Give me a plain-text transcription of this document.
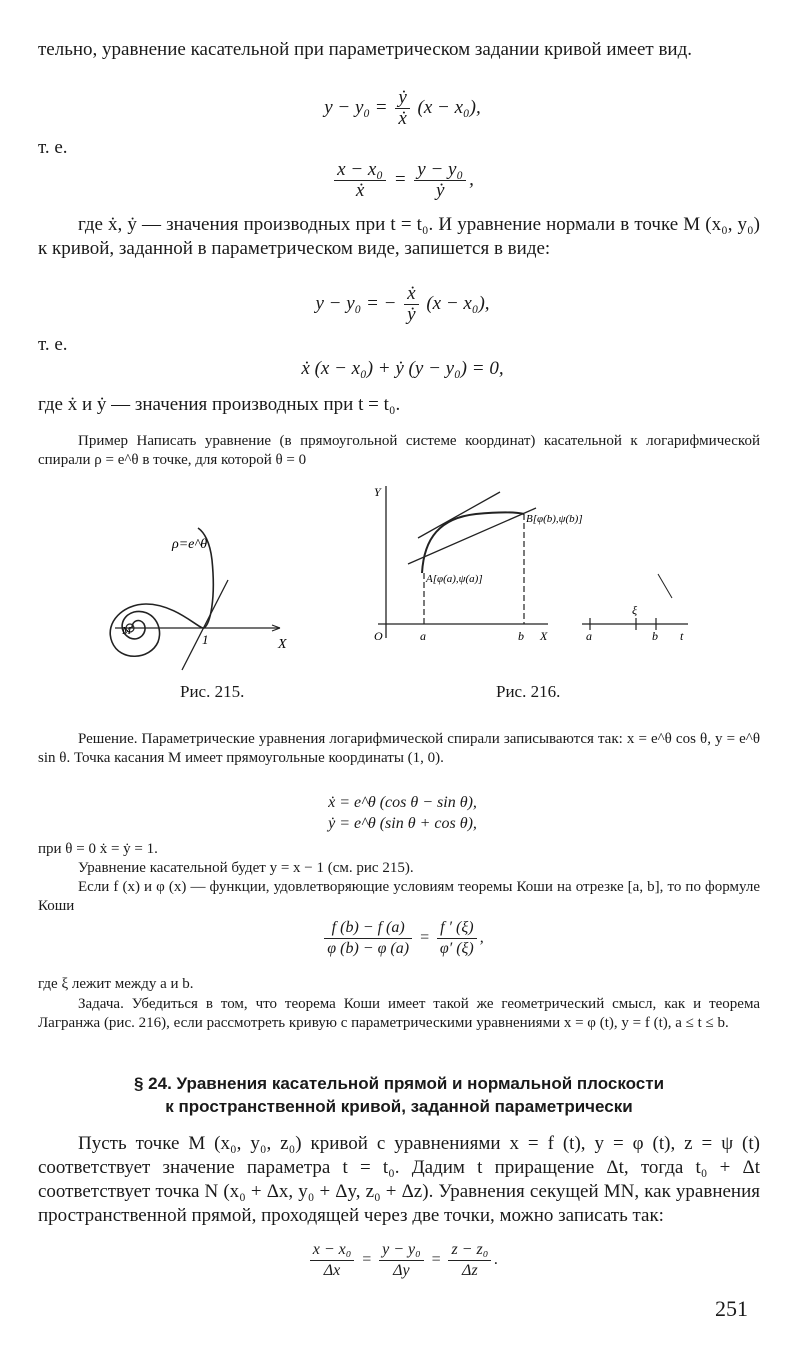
тельно, уравнение касательной при параметрическом задании кривой имеет вид.
$y - y_0 = \frac{\text{ẏ}}{\text{ẋ}} (x - x_0)$,
т. е.
$\frac{\text{x − x₀}}{\text{ẋ}} = \frac{\text{y − y₀}}{\text{ẏ}}$ ,
где ẋ, ẏ — значения производных при t = t₀. И уравнение нормали в точке M (x₀, y₀) к кривой, заданной в параметрическом виде, запишется в виде:
y − y₀ = − $\frac{\text{ẋ}}{\text{ẏ}} (x - x_0)$,
т. е.
ẋ (x − x₀) + ẏ (y − y₀) = 0,
где ẋ и ẏ — значения производных при t = t₀.
Пример Написать уравнение (в прямоугольной системе координат) касательной к логарифмической спирали ρ = e^θ в точке, для которой θ = 0
ρ=e^θ
1	X
M
Y
O	a	b X
A[φ(a),ψ(a)]
B[φ(b),ψ(b)]
a
ξ
b t
Рис. 215.	Рис. 216.
Решение. Параметрические уравнения логарифмической спирали записываются так: x = e^θ cos θ, y = e^θ sin θ. Точка касания M имеет прямоугольные координаты (1, 0).
ẋ = e^θ (cos θ − sin θ),
ẏ = e^θ (sin θ + cos θ),
при θ = 0 ẋ = ẏ = 1.
Уравнение касательной будет y = x − 1 (см. рис 215).
Если f (x) и φ (x) — функции, удовлетворяющие условиям теоремы Коши на отрезке [a, b], то по формуле Коши
$\frac{f (b) - f (a)}{\varphi (b) - \varphi (a)} = \frac{f ' (\xi)}{\varphi' (\xi)}$ ,
где ξ лежит между a и b.
Задача. Убедиться в том, что теорема Коши имеет такой же геометрический смысл, как и теорема Лагранжа (рис. 216), если рассмотреть кривую с параметрическими уравнениями x = φ (t), y = f (t), a ≤ t ≤ b.
§ 24. Уравнения касательной прямой и нормальной плоскости
к пространственной кривой, заданной параметрически
Пусть точке M (x₀, y₀, z₀) кривой с уравнениями x = f (t), y = φ (t), z = ψ (t) соответствует значение параметра t = t₀. Дадим t приращение Δt, тогда t₀ + Δt соответствует точка N (x₀ + Δx, y₀ + Δy, z₀ + Δz). Уравнения секущей MN, как уравнения пространственной прямой, проходящей через две точки, можно записать так:
$\frac{\text{x − x₀}}{\Delta x} = \frac{\text{y − y₀}}{\Delta y} = \frac{\text{z − z₀}}{\Delta z}$ .
251
